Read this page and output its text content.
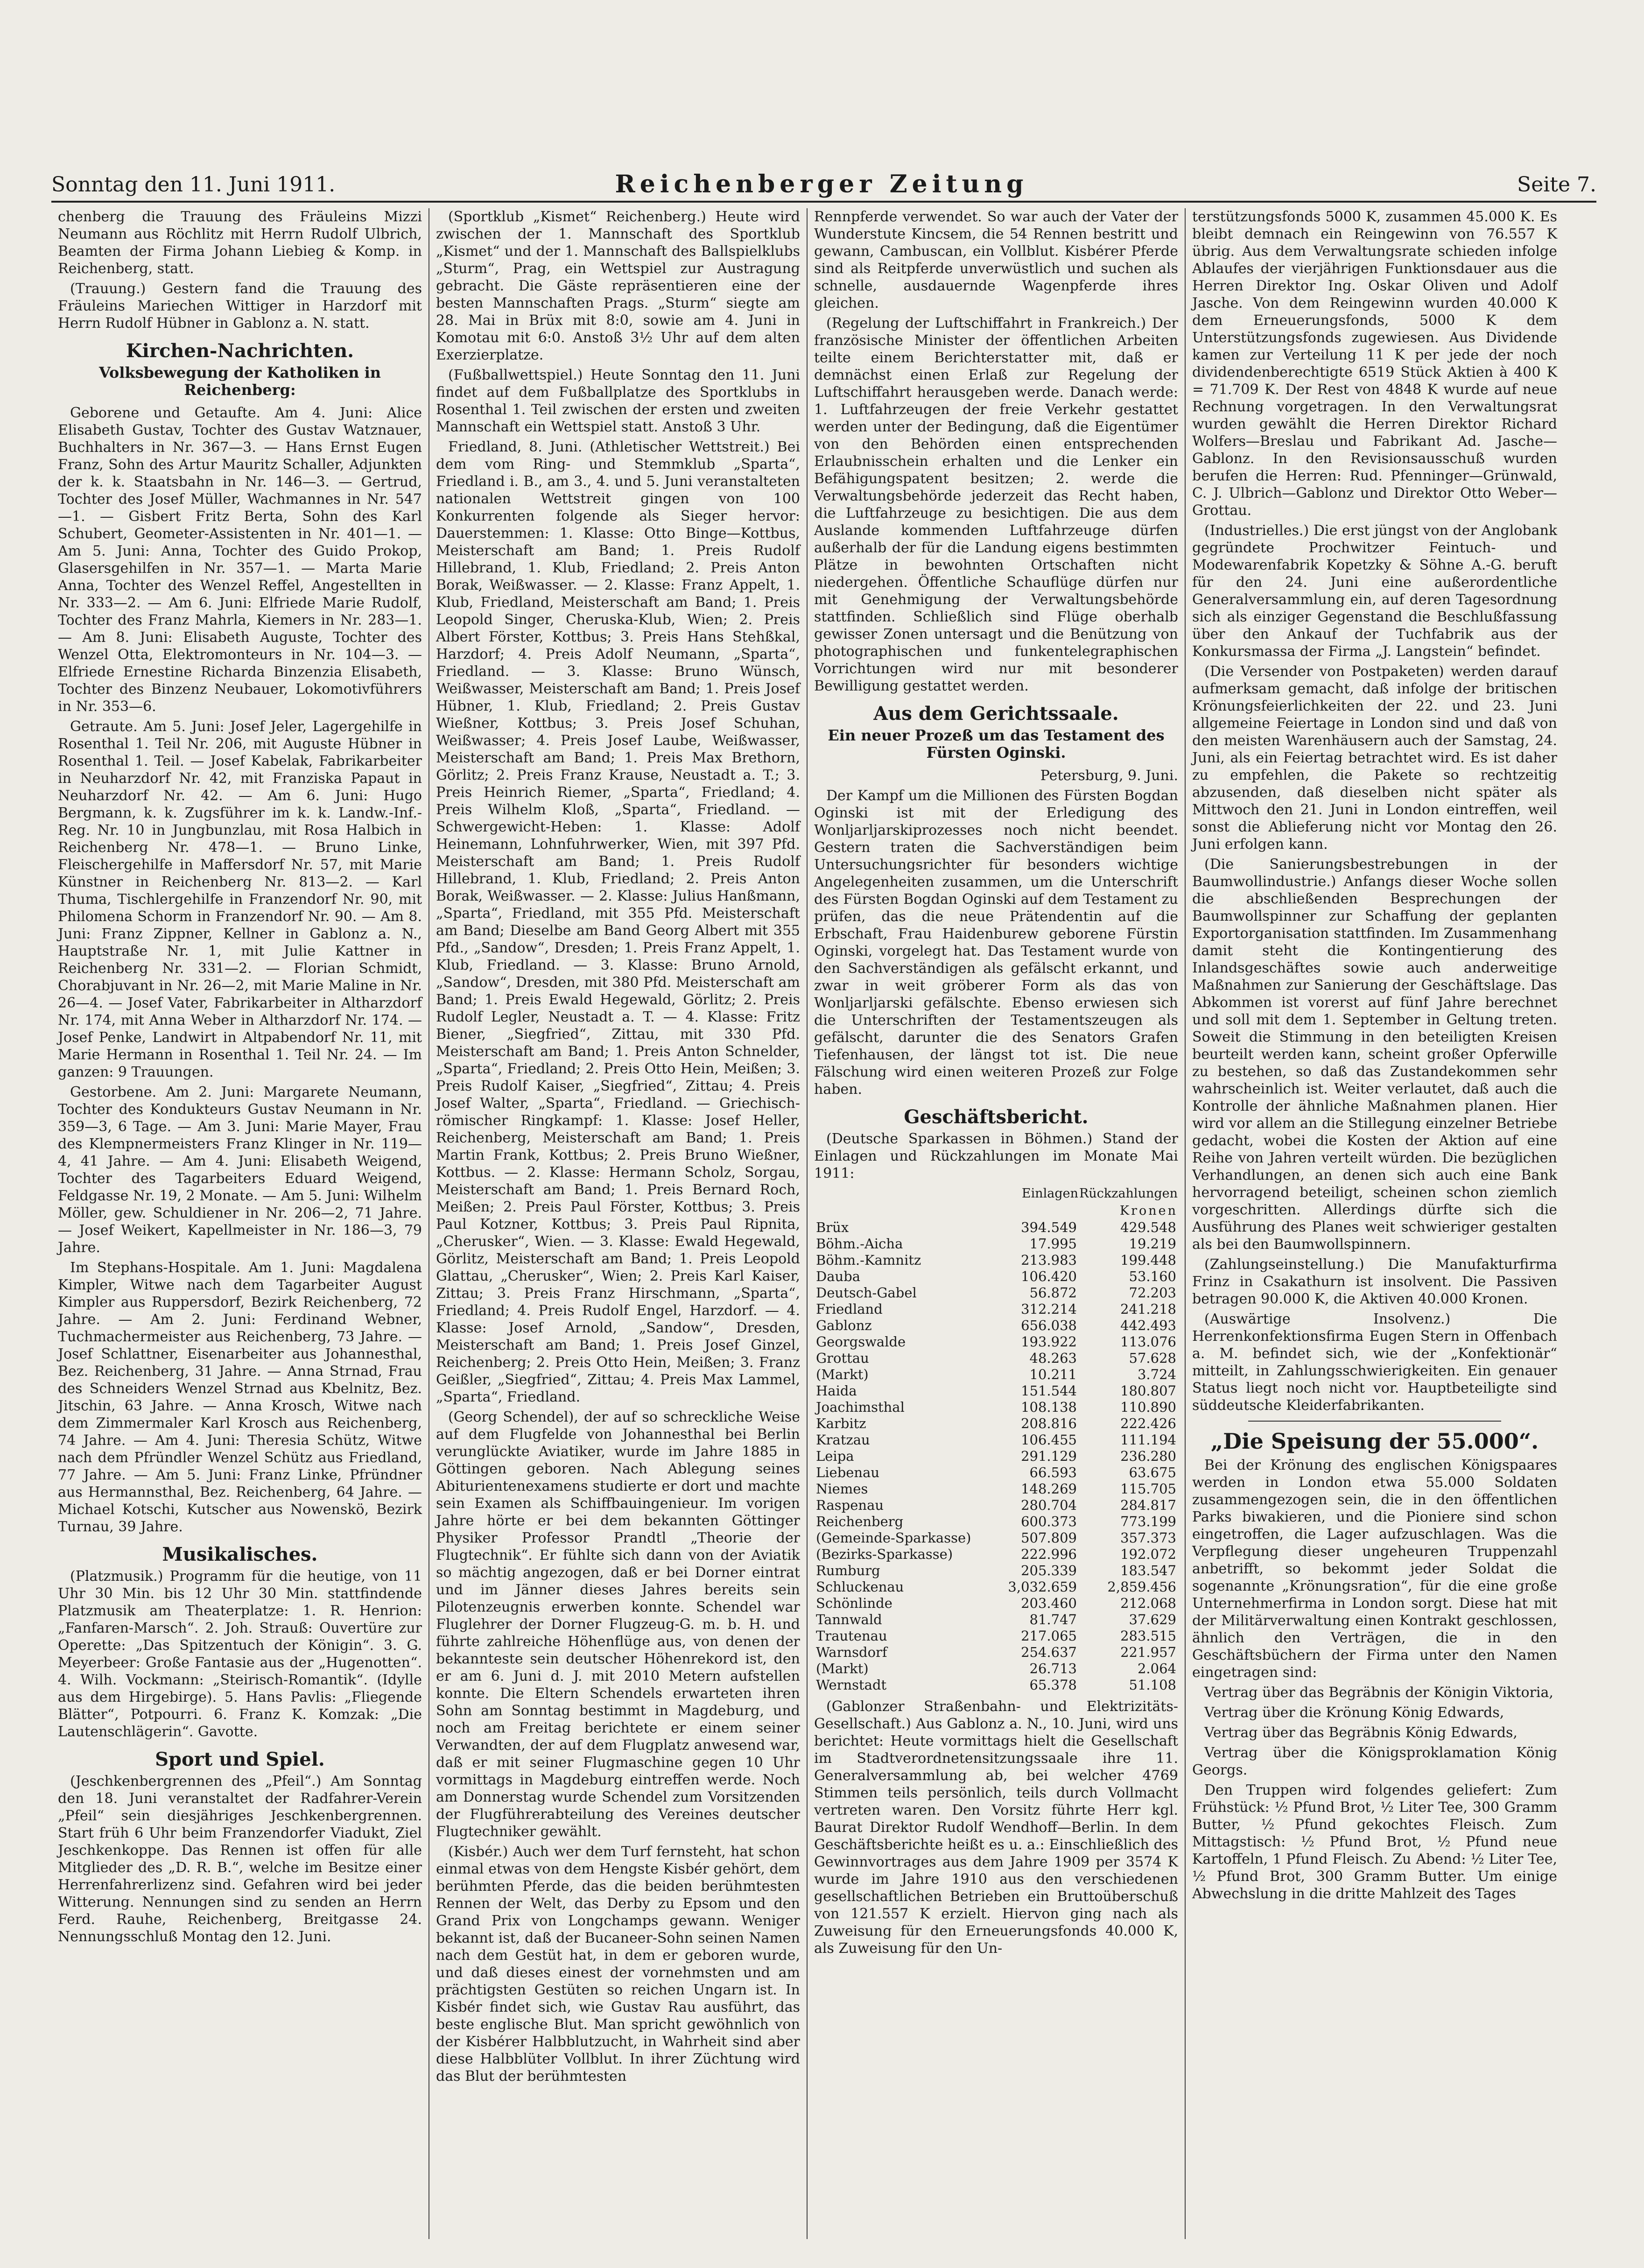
Sonntag den 11. Juni 1911.	Reichenberger Zeitung	Seite 7.

chenberg die Trauung des Fräuleins Mizzi Neumann aus Röchlitz mit Herrn Rudolf Ulbrich, Beamten der Firma Johann Liebieg & Komp. in Reichenberg, statt.

(Trauung.) Gestern fand die Trauung des Fräuleins Mariechen Wittiger in Harzdorf mit Herrn Rudolf Hübner in Gablonz a. N. statt.

Kirchen-Nachrichten.
Volksbewegung der Katholiken in Reichenberg:

Geborene und Getaufte. Am 4. Juni: Alice Elisabeth Gustav, Tochter des Gustav Watznauer, Buchhalters in Nr. 367—3. — Hans Ernst Eugen Franz, Sohn des Artur Mauritz Schaller, Adjunkten der k. k. Staatsbahn in Nr. 146—3. — Gertrud, Tochter des Josef Müller, Wachmannes in Nr. 547—1. — Gisbert Fritz Berta, Sohn des Karl Schubert, Geometer-Assistenten in Nr. 401—1. — Am 5. Juni: Anna, Tochter des Guido Prokop, Glasersgehilfen in Nr. 357—1. — Marta Marie Anna, Tochter des Wenzel Reffel, Angestellten in Nr. 333—2. — Am 6. Juni: Elfriede Marie Rudolf, Tochter des Franz Mahrla, Kiemers in Nr. 283—1. — Am 8. Juni: Elisabeth Auguste, Tochter des Wenzel Otta, Elektromonteurs in Nr. 104—3. — Elfriede Ernestine Richarda Binzenzia Elisabeth, Tochter des Binzenz Neubauer, Lokomotivführers in Nr. 353—6.

Getraute. Am 5. Juni: Josef Jeler, Lagergehilfe in Rosenthal 1. Teil Nr. 206, mit Auguste Hübner in Rosenthal 1. Teil. — Josef Kabelak, Fabrikarbeiter in Neuharzdorf Nr. 42, mit Franziska Papaut in Neuharzdorf Nr. 42. — Am 6. Juni: Hugo Bergmann, k. k. Zugsführer im k. k. Landw.-Inf.-Reg. Nr. 10 in Jungbunzlau, mit Rosa Halbich in Reichenberg Nr. 478—1. — Bruno Linke, Fleischergehilfe in Maffersdorf Nr. 57, mit Marie Künstner in Reichenberg Nr. 813—2. — Karl Thuma, Tischlergehilfe in Franzendorf Nr. 90, mit Philomena Schorm in Franzendorf Nr. 90. — Am 8. Juni: Franz Zippner, Kellner in Gablonz a. N., Hauptstraße Nr. 1, mit Julie Kattner in Reichenberg Nr. 331—2. — Florian Schmidt, Chorabjuvant in Nr. 26—2, mit Marie Maline in Nr. 26—4. — Josef Vater, Fabrikarbeiter in Altharzdorf Nr. 174, mit Anna Weber in Altharzdorf Nr. 174. — Josef Penke, Landwirt in Altpabendorf Nr. 11, mit Marie Hermann in Rosenthal 1. Teil Nr. 24. — Im ganzen: 9 Trauungen.

Gestorbene. Am 2. Juni: Margarete Neumann, Tochter des Kondukteurs Gustav Neumann in Nr. 359—3, 6 Tage. — Am 3. Juni: Marie Mayer, Frau des Klempnermeisters Franz Klinger in Nr. 119—4, 41 Jahre. — Am 4. Juni: Elisabeth Weigend, Tochter des Tagarbeiters Eduard Weigend, Feldgasse Nr. 19, 2 Monate. — Am 5. Juni: Wilhelm Möller, gew. Schuldiener in Nr. 206—2, 71 Jahre. — Josef Weikert, Kapellmeister in Nr. 186—3, 79 Jahre.

Im Stephans-Hospitale. Am 1. Juni: Magdalena Kimpler, Witwe nach dem Tagarbeiter August Kimpler aus Ruppersdorf, Bezirk Reichenberg, 72 Jahre. — Am 2. Juni: Ferdinand Webner, Tuchmachermeister aus Reichenberg, 73 Jahre. — Josef Schlattner, Eisenarbeiter aus Johannesthal, Bez. Reichenberg, 31 Jahre. — Anna Strnad, Frau des Schneiders Wenzel Strnad aus Kbelnitz, Bez. Jitschin, 63 Jahre. — Anna Krosch, Witwe nach dem Zimmermaler Karl Krosch aus Reichenberg, 74 Jahre. — Am 4. Juni: Theresia Schütz, Witwe nach dem Pfründler Wenzel Schütz aus Friedland, 77 Jahre. — Am 5. Juni: Franz Linke, Pfründner aus Hermannsthal, Bez. Reichenberg, 64 Jahre. — Michael Kotschi, Kutscher aus Nowenskö, Bezirk Turnau, 39 Jahre.

Musikalisches.

(Platzmusik.) Programm für die heutige, von 11 Uhr 30 Min. bis 12 Uhr 30 Min. stattfindende Platzmusik am Theaterplatze: 1. R. Henrion: „Fanfaren-Marsch“. 2. Joh. Strauß: Ouvertüre zur Operette: „Das Spitzentuch der Königin“. 3. G. Meyerbeer: Große Fantasie aus der „Hugenotten“. 4. Wilh. Vockmann: „Steirisch-Romantik“. (Idylle aus dem Hirgebirge). 5. Hans Pavlis: „Fliegende Blätter“, Potpourri. 6. Franz K. Komzak: „Die Lautenschlägerin“. Gavotte.

Sport und Spiel.

(Jeschkenbergrennen des „Pfeil“.) Am Sonntag den 18. Juni veranstaltet der Radfahrer-Verein „Pfeil“ sein diesjähriges Jeschkenbergrennen. Start früh 6 Uhr beim Franzendorfer Viadukt, Ziel Jeschkenkoppe. Das Rennen ist offen für alle Mitglieder des „D. R. B.“, welche im Besitze einer Herrenfahrerlizenz sind. Gefahren wird bei jeder Witterung. Nennungen sind zu senden an Herrn Ferd. Rauhe, Reichenberg, Breitgasse 24. Nennungsschluß Montag den 12. Juni.

(Sportklub „Kismet“ Reichenberg.) Heute wird zwischen der 1. Mannschaft des Sportklub „Kismet“ und der 1. Mannschaft des Ballspielklubs „Sturm“, Prag, ein Wettspiel zur Austragung gebracht. Die Gäste repräsentieren eine der besten Mannschaften Prags. „Sturm“ siegte am 28. Mai in Brüx mit 8:0, sowie am 4. Juni in Komotau mit 6:0. Anstoß 3½ Uhr auf dem alten Exerzierplatze.

(Fußballwettspiel.) Heute Sonntag den 11. Juni findet auf dem Fußballplatze des Sportklubs in Rosenthal 1. Teil zwischen der ersten und zweiten Mannschaft ein Wettspiel statt. Anstoß 3 Uhr.

Friedland, 8. Juni. (Athletischer Wettstreit.) Bei dem vom Ring- und Stemmklub „Sparta“, Friedland i. B., am 3., 4. und 5. Juni veranstalteten nationalen Wettstreit gingen von 100 Konkurrenten folgende als Sieger hervor: Dauerstemmen: 1. Klasse: Otto Binge—Kottbus, Meisterschaft am Band; 1. Preis Rudolf Hillebrand, 1. Klub, Friedland; 2. Preis Anton Borak, Weißwasser. — 2. Klasse: Franz Appelt, 1. Klub, Friedland, Meisterschaft am Band; 1. Preis Leopold Singer, Cheruska-Klub, Wien; 2. Preis Albert Förster, Kottbus; 3. Preis Hans Stehßkal, Harzdorf; 4. Preis Adolf Neumann, „Sparta“, Friedland. — 3. Klasse: Bruno Wünsch, Weißwasser, Meisterschaft am Band; 1. Preis Josef Hübner, 1. Klub, Friedland; 2. Preis Gustav Wießner, Kottbus; 3. Preis Josef Schuhan, Weißwasser; 4. Preis Josef Laube, Weißwasser, Meisterschaft am Band; 1. Preis Max Brethorn, Görlitz; 2. Preis Franz Krause, Neustadt a. T.; 3. Preis Heinrich Riemer, „Sparta“, Friedland; 4. Preis Wilhelm Kloß, „Sparta“, Friedland. — Schwergewicht-Heben: 1. Klasse: Adolf Heinemann, Lohnfuhrwerker, Wien, mit 397 Pfd. Meisterschaft am Band; 1. Preis Rudolf Hillebrand, 1. Klub, Friedland; 2. Preis Anton Borak, Weißwasser. — 2. Klasse: Julius Hanßmann, „Sparta“, Friedland, mit 355 Pfd. Meisterschaft am Band; Dieselbe am Band Georg Albert mit 355 Pfd., „Sandow“, Dresden; 1. Preis Franz Appelt, 1. Klub, Friedland. — 3. Klasse: Bruno Arnold, „Sandow“, Dresden, mit 380 Pfd. Meisterschaft am Band; 1. Preis Ewald Hegewald, Görlitz; 2. Preis Rudolf Legler, Neustadt a. T. — 4. Klasse: Fritz Biener, „Siegfried“, Zittau, mit 330 Pfd. Meisterschaft am Band; 1. Preis Anton Schnelder, „Sparta“, Friedland; 2. Preis Otto Hein, Meißen; 3. Preis Rudolf Kaiser, „Siegfried“, Zittau; 4. Preis Josef Walter, „Sparta“, Friedland. — Griechisch-römischer Ringkampf: 1. Klasse: Josef Heller, Reichenberg, Meisterschaft am Band; 1. Preis Martin Frank, Kottbus; 2. Preis Bruno Wießner, Kottbus. — 2. Klasse: Hermann Scholz, Sorgau, Meisterschaft am Band; 1. Preis Bernard Roch, Meißen; 2. Preis Paul Förster, Kottbus; 3. Preis Paul Kotzner, Kottbus; 3. Preis Paul Ripnita, „Cherusker“, Wien. — 3. Klasse: Ewald Hegewald, Görlitz, Meisterschaft am Band; 1. Preis Leopold Glattau, „Cherusker“, Wien; 2. Preis Karl Kaiser, Zittau; 3. Preis Franz Hirschmann, „Sparta“, Friedland; 4. Preis Rudolf Engel, Harzdorf. — 4. Klasse: Josef Arnold, „Sandow“, Dresden, Meisterschaft am Band; 1. Preis Josef Ginzel, Reichenberg; 2. Preis Otto Hein, Meißen; 3. Franz Geißler, „Siegfried“, Zittau; 4. Preis Max Lammel, „Sparta“, Friedland.

(Georg Schendel), der auf so schreckliche Weise auf dem Flugfelde von Johannesthal bei Berlin verunglückte Aviatiker, wurde im Jahre 1885 in Göttingen geboren. Nach Ablegung seines Abiturientenexamens studierte er dort und machte sein Examen als Schiffbauingenieur. Im vorigen Jahre hörte er bei dem bekannten Göttinger Physiker Professor Prandtl „Theorie der Flugtechnik“. Er fühlte sich dann von der Aviatik so mächtig angezogen, daß er bei Dorner eintrat und im Jänner dieses Jahres bereits sein Pilotenzeugnis erwerben konnte. Schendel war Fluglehrer der Dorner Flugzeug-G. m. b. H. und führte zahlreiche Höhenflüge aus, von denen der bekannteste sein deutscher Höhenrekord ist, den er am 6. Juni d. J. mit 2010 Metern aufstellen konnte. Die Eltern Schendels erwarteten ihren Sohn am Sonntag bestimmt in Magdeburg, und noch am Freitag berichtete er einem seiner Verwandten, der auf dem Flugplatz anwesend war, daß er mit seiner Flugmaschine gegen 10 Uhr vormittags in Magdeburg eintreffen werde. Noch am Donnerstag wurde Schendel zum Vorsitzenden der Flugführerabteilung des Vereines deutscher Flugtechniker gewählt.

(Kisbér.) Auch wer dem Turf fernsteht, hat schon einmal etwas von dem Hengste Kisbér gehört, dem berühmten Pferde, das die beiden berühmtesten Rennen der Welt, das Derby zu Epsom und den Grand Prix von Longchamps gewann. Weniger bekannt ist, daß der Bucaneer-Sohn seinen Namen nach dem Gestüt hat, in dem er geboren wurde, und daß dieses einest der vornehmsten und am prächtigsten Gestüten so reichen Ungarn ist. In Kisbér findet sich, wie Gustav Rau ausführt, das beste englische Blut. Man spricht gewöhnlich von der Kisbérer Halbblutzucht, in Wahrheit sind aber diese Halbblüter Vollblut. In ihrer Züchtung wird das Blut der berühmtesten

Rennpferde verwendet. So war auch der Vater der Wunderstute Kincsem, die 54 Rennen bestritt und gewann, Cambuscan, ein Vollblut. Kisbérer Pferde sind als Reitpferde unverwüstlich und suchen als schnelle, ausdauernde Wagenpferde ihres gleichen.

(Regelung der Luftschiffahrt in Frankreich.) Der französische Minister der öffentlichen Arbeiten teilte einem Berichterstatter mit, daß er demnächst einen Erlaß zur Regelung der Luftschiffahrt herausgeben werde. Danach werde: 1. Luftfahrzeugen der freie Verkehr gestattet werden unter der Bedingung, daß die Eigentümer von den Behörden einen entsprechenden Erlaubnisschein erhalten und die Lenker ein Befähigungspatent besitzen; 2. werde die Verwaltungsbehörde jederzeit das Recht haben, die Luftfahrzeuge zu besichtigen. Die aus dem Auslande kommenden Luftfahrzeuge dürfen außerhalb der für die Landung eigens bestimmten Plätze in bewohnten Ortschaften nicht niedergehen. Öffentliche Schauflüge dürfen nur mit Genehmigung der Verwaltungsbehörde stattfinden. Schließlich sind Flüge oberhalb gewisser Zonen untersagt und die Benützung von photographischen und funkentelegraphischen Vorrichtungen wird nur mit besonderer Bewilligung gestattet werden.

Aus dem Gerichtssaale.
Ein neuer Prozeß um das Testament des Fürsten Oginski.

Petersburg, 9. Juni.

Der Kampf um die Millionen des Fürsten Bogdan Oginski ist mit der Erledigung des Wonljarljarskiprozesses noch nicht beendet. Gestern traten die Sachverständigen beim Untersuchungsrichter für besonders wichtige Angelegenheiten zusammen, um die Unterschrift des Fürsten Bogdan Oginski auf dem Testament zu prüfen, das die neue Prätendentin auf die Erbschaft, Frau Haidenburew geborene Fürstin Oginski, vorgelegt hat. Das Testament wurde von den Sachverständigen als gefälscht erkannt, und zwar in weit gröberer Form als das von Wonljarljarski gefälschte. Ebenso erwiesen sich die Unterschriften der Testamentszeugen als gefälscht, darunter die des Senators Grafen Tiefenhausen, der längst tot ist. Die neue Fälschung wird einen weiteren Prozeß zur Folge haben.

Geschäftsbericht.

(Deutsche Sparkassen in Böhmen.) Stand der Einlagen und Rückzahlungen im Monate Mai 1911:

	Einlagen	Rückzahlungen
	Kronen	
Brüx	394.549	429.548
Böhm.-Aicha	17.995	19.219
Böhm.-Kamnitz	213.983	199.448
Dauba	106.420	53.160
Deutsch-Gabel	56.872	72.203
Friedland	312.214	241.218
Gablonz	656.038	442.493
Georgswalde	193.922	113.076
Grottau	48.263	57.628
(Markt)	10.211	3.724
Haida	151.544	180.807
Joachimsthal	108.138	110.890
Karbitz	208.816	222.426
Kratzau	106.455	111.194
Leipa	291.129	236.280
Liebenau	66.593	63.675
Niemes	148.269	115.705
Raspenau	280.704	284.817
Reichenberg	600.373	773.199
(Gemeinde-Sparkasse)	507.809	357.373
(Bezirks-Sparkasse)	222.996	192.072
Rumburg	205.339	183.547
Schluckenau	3,032.659	2,859.456
Schönlinde	203.460	212.068
Tannwald	81.747	37.629
Trautenau	217.065	283.515
Warnsdorf	254.637	221.957
(Markt)	26.713	2.064
Wernstadt	65.378	51.108

(Gablonzer Straßenbahn- und Elektrizitäts-Gesellschaft.) Aus Gablonz a. N., 10. Juni, wird uns berichtet: Heute vormittags hielt die Gesellschaft im Stadtverordnetensitzungssaale ihre 11. Generalversammlung ab, bei welcher 4769 Stimmen teils persönlich, teils durch Vollmacht vertreten waren. Den Vorsitz führte Herr kgl. Baurat Direktor Rudolf Wendhoff—Berlin. In dem Geschäftsberichte heißt es u. a.: Einschließlich des Gewinnvortrages aus dem Jahre 1909 per 3574 K wurde im Jahre 1910 aus den verschiedenen gesellschaftlichen Betrieben ein Bruttoüberschuß von 121.557 K erzielt. Hiervon ging nach als Zuweisung für den Erneuerungsfonds 40.000 K, als Zuweisung für den Un-

terstützungsfonds 5000 K, zusammen 45.000 K. Es bleibt demnach ein Reingewinn von 76.557 K übrig. Aus dem Verwaltungsrate schieden infolge Ablaufes der vierjährigen Funktionsdauer aus die Herren Direktor Ing. Oskar Oliven und Adolf Jasche. Von dem Reingewinn wurden 40.000 K dem Erneuerungsfonds, 5000 K dem Unterstützungsfonds zugewiesen. Aus Dividende kamen zur Verteilung 11 K per jede der noch dividendenberechtigte 6519 Stück Aktien à 400 K = 71.709 K. Der Rest von 4848 K wurde auf neue Rechnung vorgetragen. In den Verwaltungsrat wurden gewählt die Herren Direktor Richard Wolfers—Breslau und Fabrikant Ad. Jasche—Gablonz. In den Revisionsausschuß wurden berufen die Herren: Rud. Pfenninger—Grünwald, C. J. Ulbrich—Gablonz und Direktor Otto Weber—Grottau.

(Industrielles.) Die erst jüngst von der Anglobank gegründete Prochwitzer Feintuch- und Modewarenfabrik Kopetzky & Söhne A.-G. beruft für den 24. Juni eine außerordentliche Generalversammlung ein, auf deren Tagesordnung sich als einziger Gegenstand die Beschlußfassung über den Ankauf der Tuchfabrik aus der Konkursmassa der Firma „J. Langstein“ befindet.

(Die Versender von Postpaketen) werden darauf aufmerksam gemacht, daß infolge der britischen Krönungsfeierlichkeiten der 22. und 23. Juni allgemeine Feiertage in London sind und daß von den meisten Warenhäusern auch der Samstag, 24. Juni, als ein Feiertag betrachtet wird. Es ist daher zu empfehlen, die Pakete so rechtzeitig abzusenden, daß dieselben nicht später als Mittwoch den 21. Juni in London eintreffen, weil sonst die Ablieferung nicht vor Montag den 26. Juni erfolgen kann.

(Die Sanierungsbestrebungen in der Baumwollindustrie.) Anfangs dieser Woche sollen die abschließenden Besprechungen der Baumwollspinner zur Schaffung der geplanten Exportorganisation stattfinden. Im Zusammenhang damit steht die Kontingentierung des Inlandsgeschäftes sowie auch anderweitige Maßnahmen zur Sanierung der Geschäftslage. Das Abkommen ist vorerst auf fünf Jahre berechnet und soll mit dem 1. September in Geltung treten. Soweit die Stimmung in den beteiligten Kreisen beurteilt werden kann, scheint großer Opferwille zu bestehen, so daß das Zustandekommen sehr wahrscheinlich ist. Weiter verlautet, daß auch die Kontrolle der ähnliche Maßnahmen planen. Hier wird vor allem an die Stillegung einzelner Betriebe gedacht, wobei die Kosten der Aktion auf eine Reihe von Jahren verteilt würden. Die bezüglichen Verhandlungen, an denen sich auch eine Bank hervorragend beteiligt, scheinen schon ziemlich vorgeschritten. Allerdings dürfte sich die Ausführung des Planes weit schwieriger gestalten als bei den Baumwollspinnern.

(Zahlungseinstellung.) Die Manufakturfirma Frinz in Csakathurn ist insolvent. Die Passiven betragen 90.000 K, die Aktiven 40.000 Kronen.

(Auswärtige Insolvenz.) Die Herrenkonfektionsfirma Eugen Stern in Offenbach a. M. befindet sich, wie der „Konfektionär“ mitteilt, in Zahlungsschwierigkeiten. Ein genauer Status liegt noch nicht vor. Hauptbeteiligte sind süddeutsche Kleiderfabrikanten.

„Die Speisung der 55.000“.

Bei der Krönung des englischen Königspaares werden in London etwa 55.000 Soldaten zusammengezogen sein, die in den öffentlichen Parks biwakieren, und die Pioniere sind schon eingetroffen, die Lager aufzuschlagen. Was die Verpflegung dieser ungeheuren Truppenzahl anbetrifft, so bekommt jeder Soldat die sogenannte „Krönungsration“, für die eine große Unternehmerfirma in London sorgt. Diese hat mit der Militärverwaltung einen Kontrakt geschlossen, ähnlich den Verträgen, die in den Geschäftsbüchern der Firma unter den Namen eingetragen sind:

Vertrag über das Begräbnis der Königin Viktoria,

Vertrag über die Krönung König Edwards,

Vertrag über das Begräbnis König Edwards,

Vertrag über die Königsproklamation König Georgs.

Den Truppen wird folgendes geliefert: Zum Frühstück: ½ Pfund Brot, ½ Liter Tee, 300 Gramm Butter, ½ Pfund gekochtes Fleisch. Zum Mittagstisch: ½ Pfund Brot, ½ Pfund neue Kartoffeln, 1 Pfund Fleisch. Zu Abend: ½ Liter Tee, ½ Pfund Brot, 300 Gramm Butter. Um einige Abwechslung in die dritte Mahlzeit des Tages
